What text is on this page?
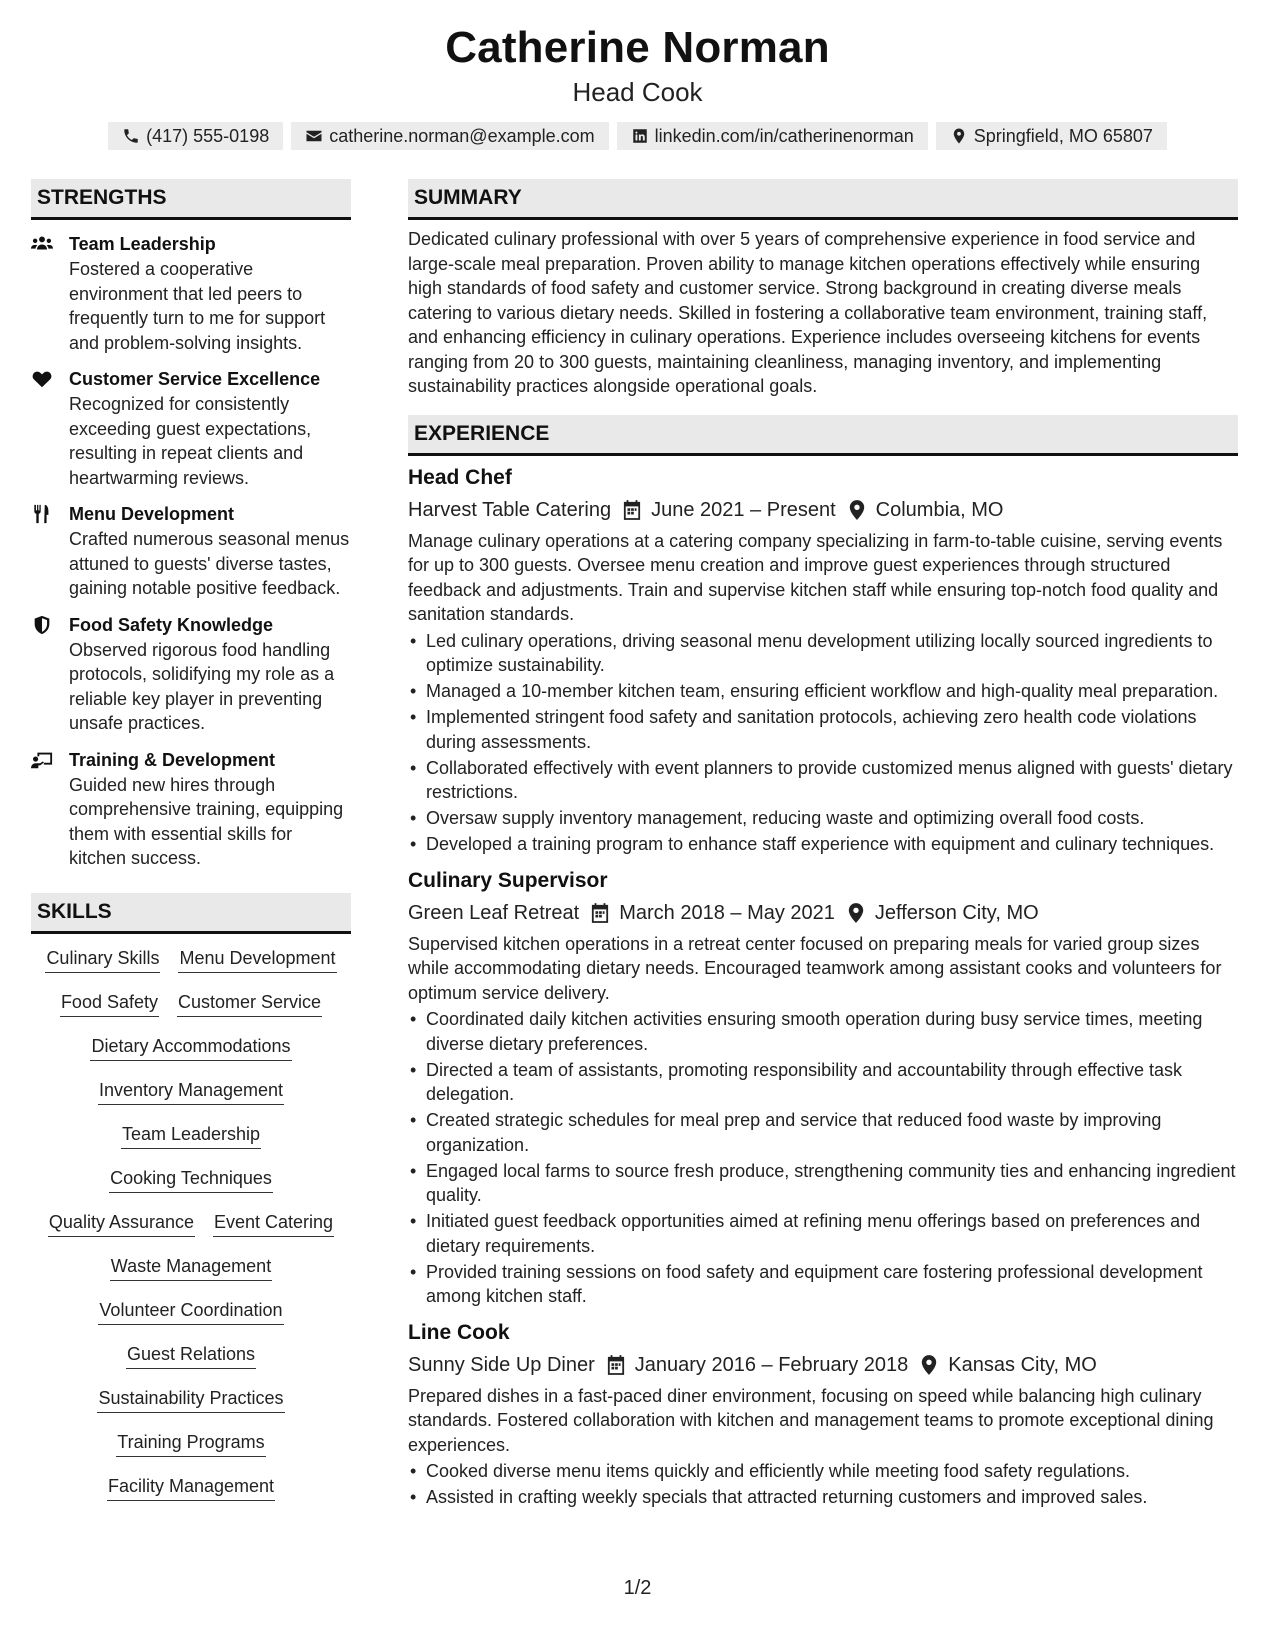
Catherine Norman
Head Cook
(417) 555-0198	catherine.norman@example.com	linkedin.com/in/catherinenorman	Springfield, MO 65807
STRENGTHS
Team Leadership
Fostered a cooperative environment that led peers to frequently turn to me for support and problem-solving insights.
Customer Service Excellence
Recognized for consistently exceeding guest expectations, resulting in repeat clients and heartwarming reviews.
Menu Development
Crafted numerous seasonal menus attuned to guests' diverse tastes, gaining notable positive feedback.
Food Safety Knowledge
Observed rigorous food handling protocols, solidifying my role as a reliable key player in preventing unsafe practices.
Training & Development
Guided new hires through comprehensive training, equipping them with essential skills for kitchen success.
SKILLS
Culinary Skills Menu Development
Food Safety Customer Service
Dietary Accommodations
Inventory Management
Team Leadership
Cooking Techniques
Quality Assurance Event Catering
Waste Management
Volunteer Coordination
Guest Relations
Sustainability Practices
Training Programs
Facility Management
SUMMARY
Dedicated culinary professional with over 5 years of comprehensive experience in food service and large-scale meal preparation. Proven ability to manage kitchen operations effectively while ensuring high standards of food safety and customer service. Strong background in creating diverse meals catering to various dietary needs. Skilled in fostering a collaborative team environment, training staff, and enhancing efficiency in culinary operations. Experience includes overseeing kitchens for events ranging from 20 to 300 guests, maintaining cleanliness, managing inventory, and implementing sustainability practices alongside operational goals.
EXPERIENCE
Head Chef
Harvest Table Catering June 2021 – Present Columbia, MO
Manage culinary operations at a catering company specializing in farm-to-table cuisine, serving events for up to 300 guests. Oversee menu creation and improve guest experiences through structured feedback and adjustments. Train and supervise kitchen staff while ensuring top-notch food quality and sanitation standards.
• Led culinary operations, driving seasonal menu development utilizing locally sourced ingredients to optimize sustainability.
• Managed a 10-member kitchen team, ensuring efficient workflow and high-quality meal preparation.
• Implemented stringent food safety and sanitation protocols, achieving zero health code violations during assessments.
• Collaborated effectively with event planners to provide customized menus aligned with guests' dietary restrictions.
• Oversaw supply inventory management, reducing waste and optimizing overall food costs.
• Developed a training program to enhance staff experience with equipment and culinary techniques.
Culinary Supervisor
Green Leaf Retreat March 2018 – May 2021 Jefferson City, MO
Supervised kitchen operations in a retreat center focused on preparing meals for varied group sizes while accommodating dietary needs. Encouraged teamwork among assistant cooks and volunteers for optimum service delivery.
• Coordinated daily kitchen activities ensuring smooth operation during busy service times, meeting diverse dietary preferences.
• Directed a team of assistants, promoting responsibility and accountability through effective task delegation.
• Created strategic schedules for meal prep and service that reduced food waste by improving organization.
• Engaged local farms to source fresh produce, strengthening community ties and enhancing ingredient quality.
• Initiated guest feedback opportunities aimed at refining menu offerings based on preferences and dietary requirements.
• Provided training sessions on food safety and equipment care fostering professional development among kitchen staff.
Line Cook
Sunny Side Up Diner January 2016 – February 2018 Kansas City, MO
Prepared dishes in a fast-paced diner environment, focusing on speed while balancing high culinary standards. Fostered collaboration with kitchen and management teams to promote exceptional dining experiences.
• Cooked diverse menu items quickly and efficiently while meeting food safety regulations.
• Assisted in crafting weekly specials that attracted returning customers and improved sales.
1/2
